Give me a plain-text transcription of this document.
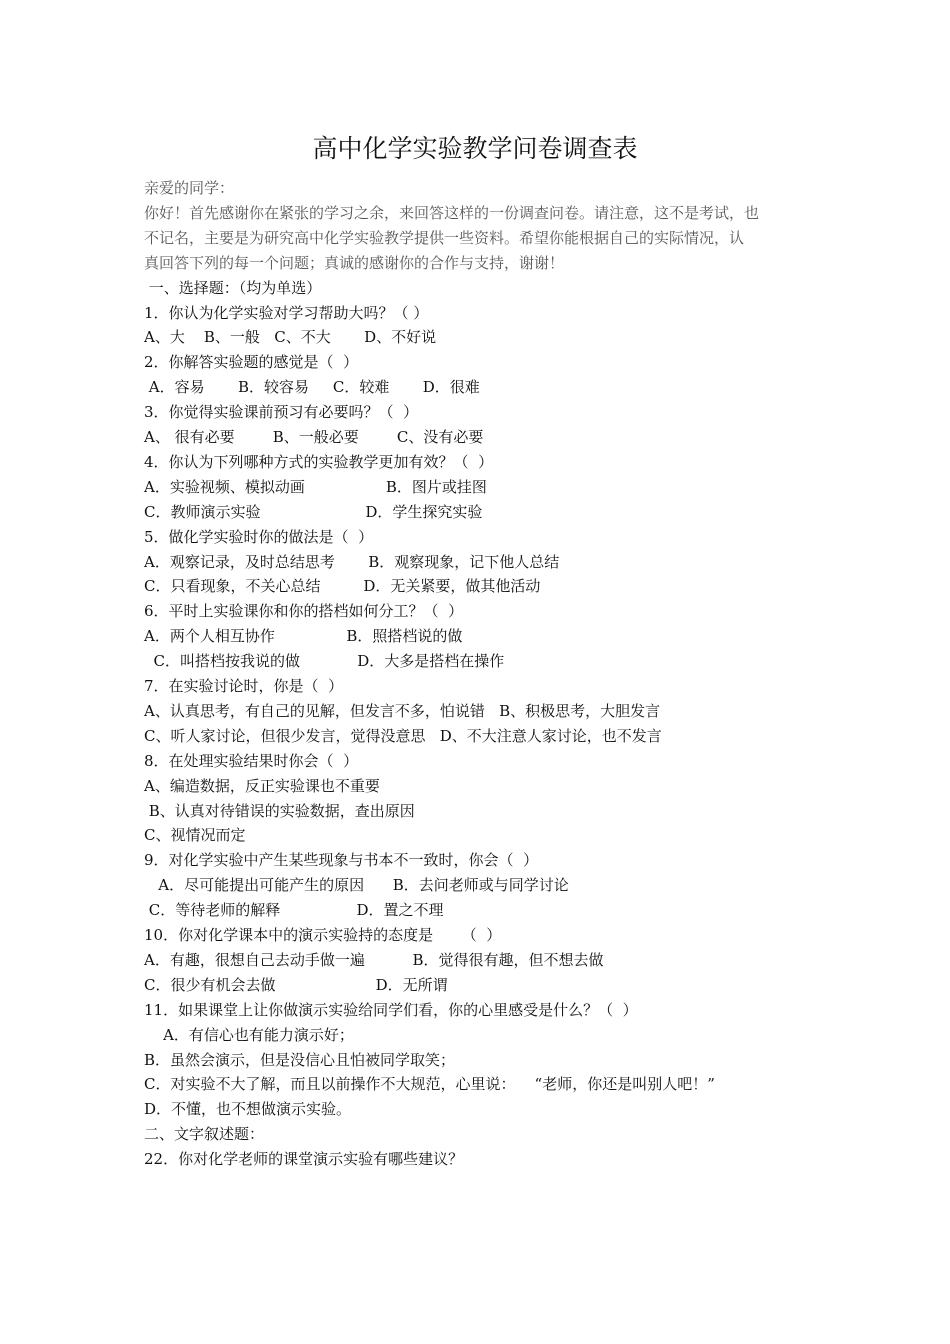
高中化学实验教学问卷调查表
亲爱的同学：
你好！首先感谢你在紧张的学习之余，来回答这样的一份调查问卷。请注意，这不是考试，也
不记名，主要是为研究高中化学实验教学提供一些资料。希望你能根据自己的实际情况，认
真回答下列的每一个问题；真诚的感谢你的合作与支持，谢谢！
一、选择题：（均为单选）
1．你认为化学实验对学习帮助大吗？（ ）
A、大    B、一般   C、不大       D、不好说
2．你解答实验题的感觉是（  ）
A．容易       B．较容易     C．较难       D．很难
3．你觉得实验课前预习有必要吗？（  ）
A、 很有必要        B、一般必要        C、没有必要
4．你认为下列哪种方式的实验教学更加有效？（  ）
A．实验视频、模拟动画                 B．图片或挂图
C．教师演示实验                      D．学生探究实验
5．做化学实验时你的做法是（  ）
A．观察记录，及时总结思考       B．观察现象，记下他人总结
C．只看现象，不关心总结         D．无关紧要，做其他活动
6．平时上实验课你和你的搭档如何分工？（  ）
A．两个人相互协作               B．照搭档说的做
C．叫搭档按我说的做            D．大多是搭档在操作
7．在实验讨论时，你是（  ）
A、认真思考，有自己的见解，但发言不多，怕说错   B、积极思考，大胆发言
C、听人家讨论，但很少发言，觉得没意思   D、不大注意人家讨论，也不发言
8．在处理实验结果时你会（  ）
A、编造数据，反正实验课也不重要
B、认真对待错误的实验数据，查出原因
C、视情况而定
9．对化学实验中产生某些现象与书本不一致时，你会（  ）
A．尽可能提出可能产生的原因      B．去问老师或与同学讨论
C．等待老师的解释                D．置之不理
10．你对化学课本中的演示实验持的态度是      （  ）
A．有趣，很想自己去动手做一遍          B．觉得很有趣，但不想去做
C．很少有机会去做                     D．无所谓
11．如果课堂上让你做演示实验给同学们看，你的心里感受是什么？（  ）
A．有信心也有能力演示好；
B．虽然会演示，但是没信心且怕被同学取笑；
C．对实验不大了解，而且以前操作不大规范，心里说：    “老师，你还是叫别人吧！”
D．不懂，也不想做演示实验。
二、文字叙述题：
22．你对化学老师的课堂演示实验有哪些建议？
